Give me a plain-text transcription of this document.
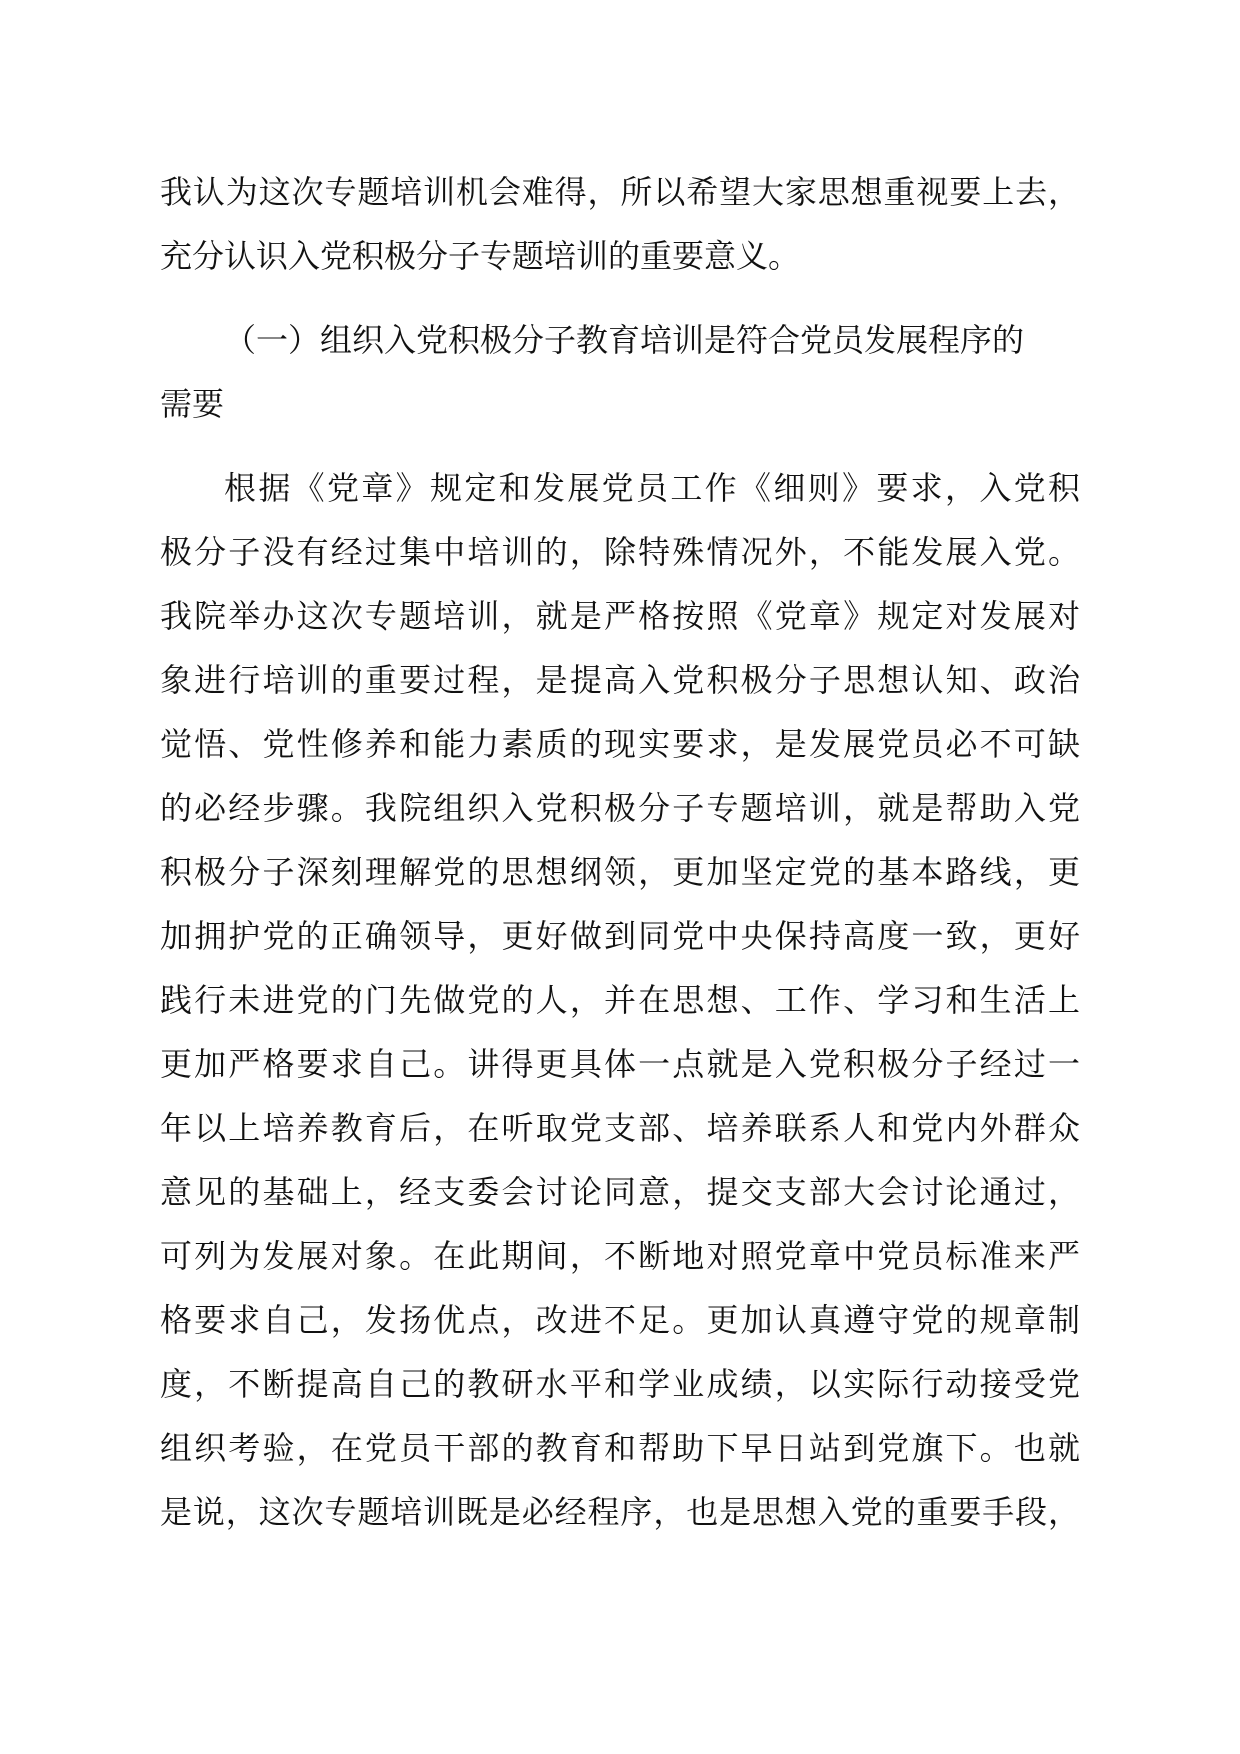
我认为这次专题培训机会难得，所以希望大家思想重视要上去，
充分认识入党积极分子专题培训的重要意义。
（一）组织入党积极分子教育培训是符合党员发展程序的
需要
根据《党章》规定和发展党员工作《细则》要求，入党积
极分子没有经过集中培训的，除特殊情况外，不能发展入党。
我院举办这次专题培训，就是严格按照《党章》规定对发展对
象进行培训的重要过程，是提高入党积极分子思想认知、政治
觉悟、党性修养和能力素质的现实要求，是发展党员必不可缺
的必经步骤。我院组织入党积极分子专题培训，就是帮助入党
积极分子深刻理解党的思想纲领，更加坚定党的基本路线，更
加拥护党的正确领导，更好做到同党中央保持高度一致，更好
践行未进党的门先做党的人，并在思想、工作、学习和生活上
更加严格要求自己。讲得更具体一点就是入党积极分子经过一
年以上培养教育后，在听取党支部、培养联系人和党内外群众
意见的基础上，经支委会讨论同意，提交支部大会讨论通过，
可列为发展对象。在此期间，不断地对照党章中党员标准来严
格要求自己，发扬优点，改进不足。更加认真遵守党的规章制
度，不断提高自己的教研水平和学业成绩，以实际行动接受党
组织考验，在党员干部的教育和帮助下早日站到党旗下。也就
是说，这次专题培训既是必经程序，也是思想入党的重要手段，
